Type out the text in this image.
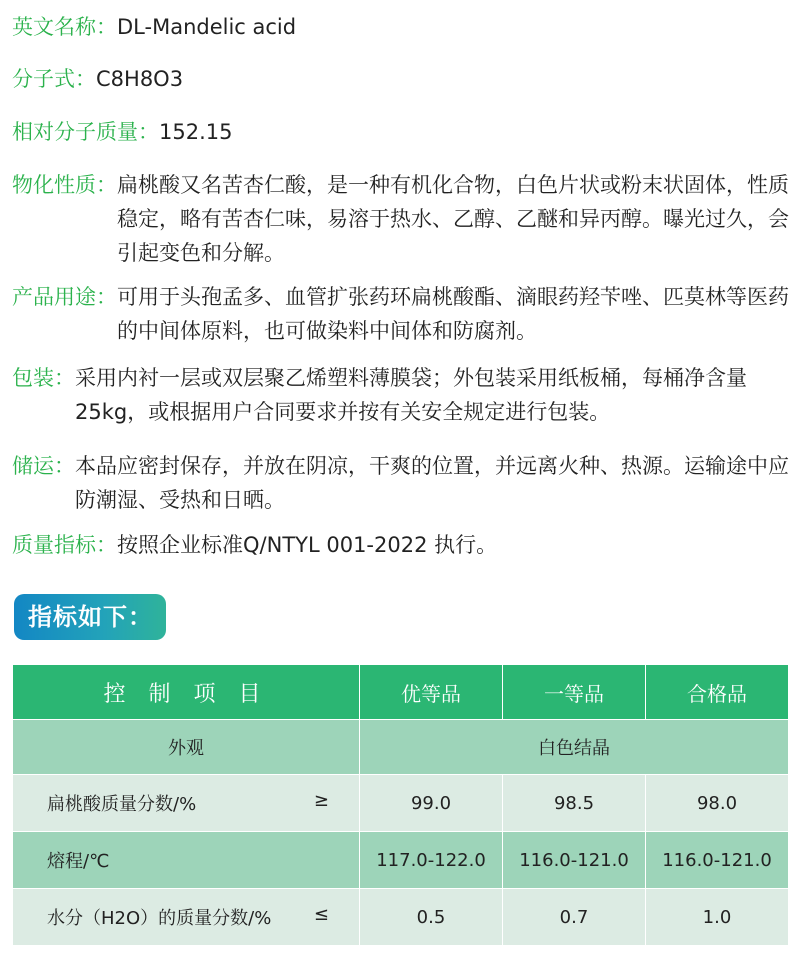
英文名称： DL-Mandelic acid
分子式： C8H8O3
相对分子质量： 152.15
物化性质： 扁桃酸又名苦杏仁酸，是一种有机化合物，白色片状或粉末状固体，性质稳定，略有苦杏仁味，易溶于热水、乙醇、乙醚和异丙醇。曝光过久，会引起变色和分解。
产品用途： 可用于头孢孟多、血管扩张药环扁桃酸酯、滴眼药羟苄唑、匹莫林等医药的中间体原料，也可做染料中间体和防腐剂。
包装： 采用内衬一层或双层聚乙烯塑料薄膜袋；外包装采用纸板桶，每桶净含量25kg，或根据用户合同要求并按有关安全规定进行包装。
储运： 本品应密封保存，并放在阴凉，干爽的位置，并远离火种、热源。运输途中应防潮湿、受热和日晒。
质量指标： 按照企业标准Q/NTYL 001-2022 执行。
指标如下：
控 制 项 目	优等品	一等品	合格品
外观	白色结晶		

扁桃酸质量分数/% ≥	99.0	98.5	98.0

熔程/℃	117.0-122.0	116.0-121.0	116.0-121.0

水分（H2O）的质量分数/% ≤	0.5	0.7	1.0
